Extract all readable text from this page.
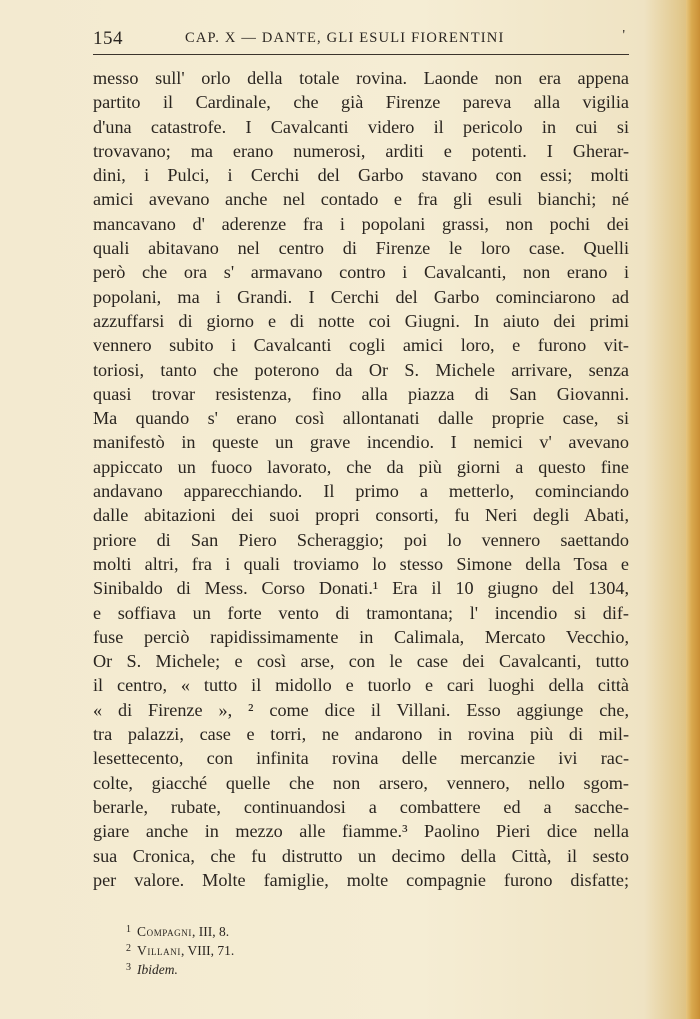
154	CAP. X — DANTE, GLI ESULI FIORENTINI	'
messo sull' orlo della totale rovina. Laonde non era appena
partito il Cardinale, che già Firenze pareva alla vigilia
d'una catastrofe. I Cavalcanti videro il pericolo in cui si
trovavano; ma erano numerosi, arditi e potenti. I Gherar-
dini, i Pulci, i Cerchi del Garbo stavano con essi; molti
amici avevano anche nel contado e fra gli esuli bianchi; né
mancavano d' aderenze fra i popolani grassi, non pochi dei
quali abitavano nel centro di Firenze le loro case. Quelli
però che ora s' armavano contro i Cavalcanti, non erano i
popolani, ma i Grandi. I Cerchi del Garbo cominciarono ad
azzuffarsi di giorno e di notte coi Giugni. In aiuto dei primi
vennero subito i Cavalcanti cogli amici loro, e furono vit-
toriosi, tanto che poterono da Or S. Michele arrivare, senza
quasi trovar resistenza, fino alla piazza di San Giovanni.
Ma quando s' erano così allontanati dalle proprie case, si
manifestò in queste un grave incendio. I nemici v' avevano
appiccato un fuoco lavorato, che da più giorni a questo fine
andavano apparecchiando. Il primo a metterlo, cominciando
dalle abitazioni dei suoi propri consorti, fu Neri degli Abati,
priore di San Piero Scheraggio; poi lo vennero saettando
molti altri, fra i quali troviamo lo stesso Simone della Tosa e
Sinibaldo di Mess. Corso Donati.¹ Era il 10 giugno del 1304,
e soffiava un forte vento di tramontana; l' incendio si dif-
fuse perciò rapidissimamente in Calimala, Mercato Vecchio,
Or S. Michele; e così arse, con le case dei Cavalcanti, tutto
il centro, « tutto il midollo e tuorlo e cari luoghi della città
« di Firenze », ² come dice il Villani. Esso aggiunge che,
tra palazzi, case e torri, ne andarono in rovina più di mil-
lesettecento, con infinita rovina delle mercanzie ivi rac-
colte, giacché quelle che non arsero, vennero, nello sgom-
berarle, rubate, continuandosi a combattere ed a sacche-
giare anche in mezzo alle fiamme.³ Paolino Pieri dice nella
sua Cronica, che fu distrutto un decimo della Città, il sesto
per valore. Molte famiglie, molte compagnie furono disfatte;
$^1$ Compagni, III, 8.
$^2$ Villani, VIII, 71.
$^3$ Ibidem.
